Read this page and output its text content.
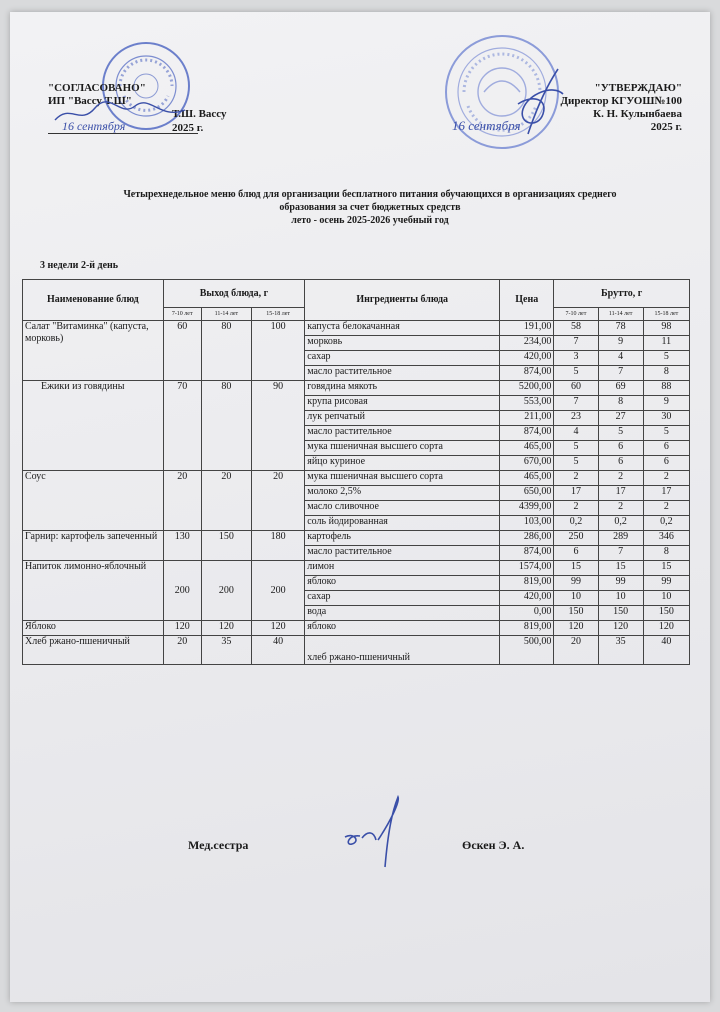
"СОГЛАСОВАНО"
ИП "Вассу Т.Ш"
Т.Ш. Вассу
16 сентября	2025 г.
"УТВЕРЖДАЮ"
Директор КГУОШ№100
К. Н. Кулынбаева
16 сентября	2025 г.
Четырехнедельное меню блюд для организации бесплатного питания обучающихся в организациях среднего
образования за счет бюджетных средств
лето - осень 2025-2026 учебный год
3 недели 2-й день
Мед.сестра	Өскен Э. А.
Наименование блюд	Выход блюда, г			Ингредиенты блюда	Цена	Брутто, г		
	7-10 лет	11-14 лет	15-18 лет			7-10 лет	11-14 лет	15-18 лет
Салат "Витаминка" (капуста, морковь)	60	80	100	капуста белокачанная	191,00	58	78	98
				морковь	234,00	7	9	11
				сахар	420,00	3	4	5
				масло растительное	874,00	5	7	8
Ежики из говядины	70	80	90	говядина мякоть	5200,00	60	69	88
				крупа рисовая	553,00	7	8	9
				лук репчатый	211,00	23	27	30
				масло растительное	874,00	4	5	5
				мука пшеничная высшего сорта	465,00	5	6	6
				яйцо куриное	670,00	5	6	6
Соус	20	20	20	мука пшеничная высшего сорта	465,00	2	2	2
				молоко 2,5%	650,00	17	17	17
				масло сливочное	4399,00	2	2	2
				соль йодированная	103,00	0,2	0,2	0,2
Гарнир: картофель запеченный	130	150	180	картофель	286,00	250	289	346
				масло растительное	874,00	6	7	8
Напиток лимонно-яблочный	200	200	200	лимон	1574,00	15	15	15
				яблоко	819,00	99	99	99
				сахар	420,00	10	10	10
				вода	0,00	150	150	150
Яблоко	120	120	120	яблоко	819,00	120	120	120
Хлеб ржано-пшеничный	20	35	40	хлеб ржано-пшеничный	500,00	20	35	40
